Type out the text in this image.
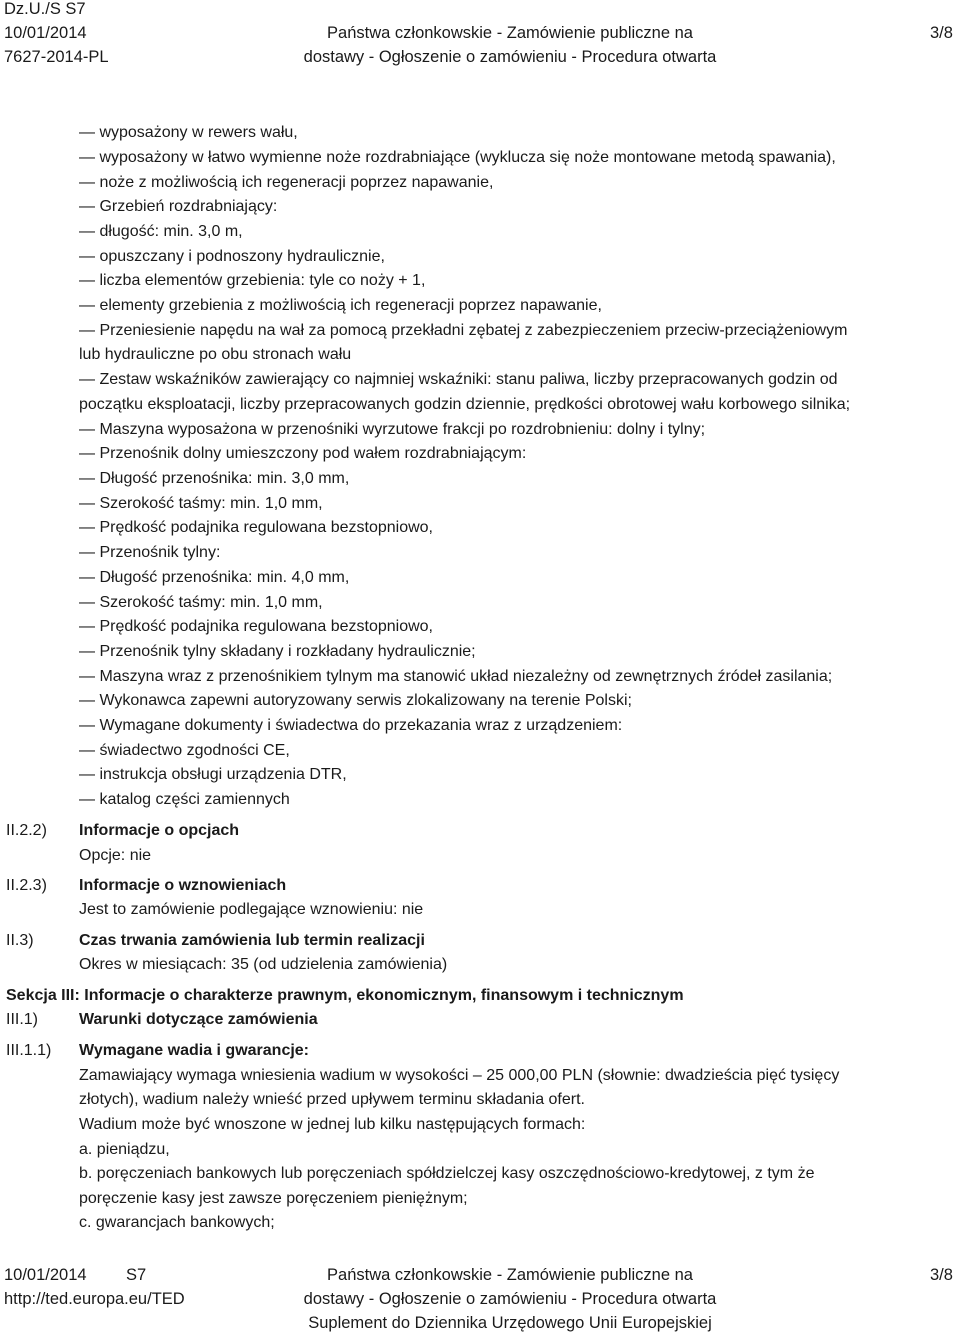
Dz.U./S S7
10/01/2014
7627-2014-PL
Państwa członkowskie - Zamówienie publiczne na
dostawy - Ogłoszenie o zamówieniu - Procedura otwarta
3/8
— wyposażony w rewers wału,
— wyposażony w łatwo wymienne noże rozdrabniające (wyklucza się noże montowane metodą spawania),
— noże z możliwością ich regeneracji poprzez napawanie,
— Grzebień rozdrabniający:
— długość: min. 3,0 m,
— opuszczany i podnoszony hydraulicznie,
— liczba elementów grzebienia: tyle co noży + 1,
— elementy grzebienia z możliwością ich regeneracji poprzez napawanie,
— Przeniesienie napędu na wał za pomocą przekładni zębatej z zabezpieczeniem przeciw-przeciążeniowym
lub hydrauliczne po obu stronach wału
— Zestaw wskaźników zawierający co najmniej wskaźniki: stanu paliwa, liczby przepracowanych godzin od
początku eksploatacji, liczby przepracowanych godzin dziennie, prędkości obrotowej wału korbowego silnika;
— Maszyna wyposażona w przenośniki wyrzutowe frakcji po rozdrobnieniu: dolny i tylny;
— Przenośnik dolny umieszczony pod wałem rozdrabniającym:
— Długość przenośnika: min. 3,0 mm,
— Szerokość taśmy: min. 1,0 mm,
— Prędkość podajnika regulowana bezstopniowo,
— Przenośnik tylny:
— Długość przenośnika: min. 4,0 mm,
— Szerokość taśmy: min. 1,0 mm,
— Prędkość podajnika regulowana bezstopniowo,
— Przenośnik tylny składany i rozkładany hydraulicznie;
— Maszyna wraz z przenośnikiem tylnym ma stanowić układ niezależny od zewnętrznych źródeł zasilania;
— Wykonawca zapewni autoryzowany serwis zlokalizowany na terenie Polski;
— Wymagane dokumenty i świadectwa do przekazania wraz z urządzeniem:
— świadectwo zgodności CE,
— instrukcja obsługi urządzenia DTR,
— katalog części zamiennych
II.2.2) Informacje o opcjach
Opcje: nie
II.2.3) Informacje o wznowieniach
Jest to zamówienie podlegające wznowieniu: nie
II.3)	Czas trwania zamówienia lub termin realizacji
Okres w miesiącach: 35 (od udzielenia zamówienia)
Sekcja III: Informacje o charakterze prawnym, ekonomicznym, finansowym i technicznym
III.1)	Warunki dotyczące zamówienia
III.1.1) Wymagane wadia i gwarancje:
Zamawiający wymaga wniesienia wadium w wysokości – 25 000,00 PLN (słownie: dwadzieścia pięć tysięcy
złotych), wadium należy wnieść przed upływem terminu składania ofert.
Wadium może być wnoszone w jednej lub kilku następujących formach:
a. pieniądzu,
b. poręczeniach bankowych lub poręczeniach spółdzielczej kasy oszczędnościowo-kredytowej, z tym że
poręczenie kasy jest zawsze poręczeniem pieniężnym;
c. gwarancjach bankowych;
10/01/2014 S7
http://ted.europa.eu/TED
Państwa członkowskie - Zamówienie publiczne na
dostawy - Ogłoszenie o zamówieniu - Procedura otwarta
Suplement do Dziennika Urzędowego Unii Europejskiej
3/8
